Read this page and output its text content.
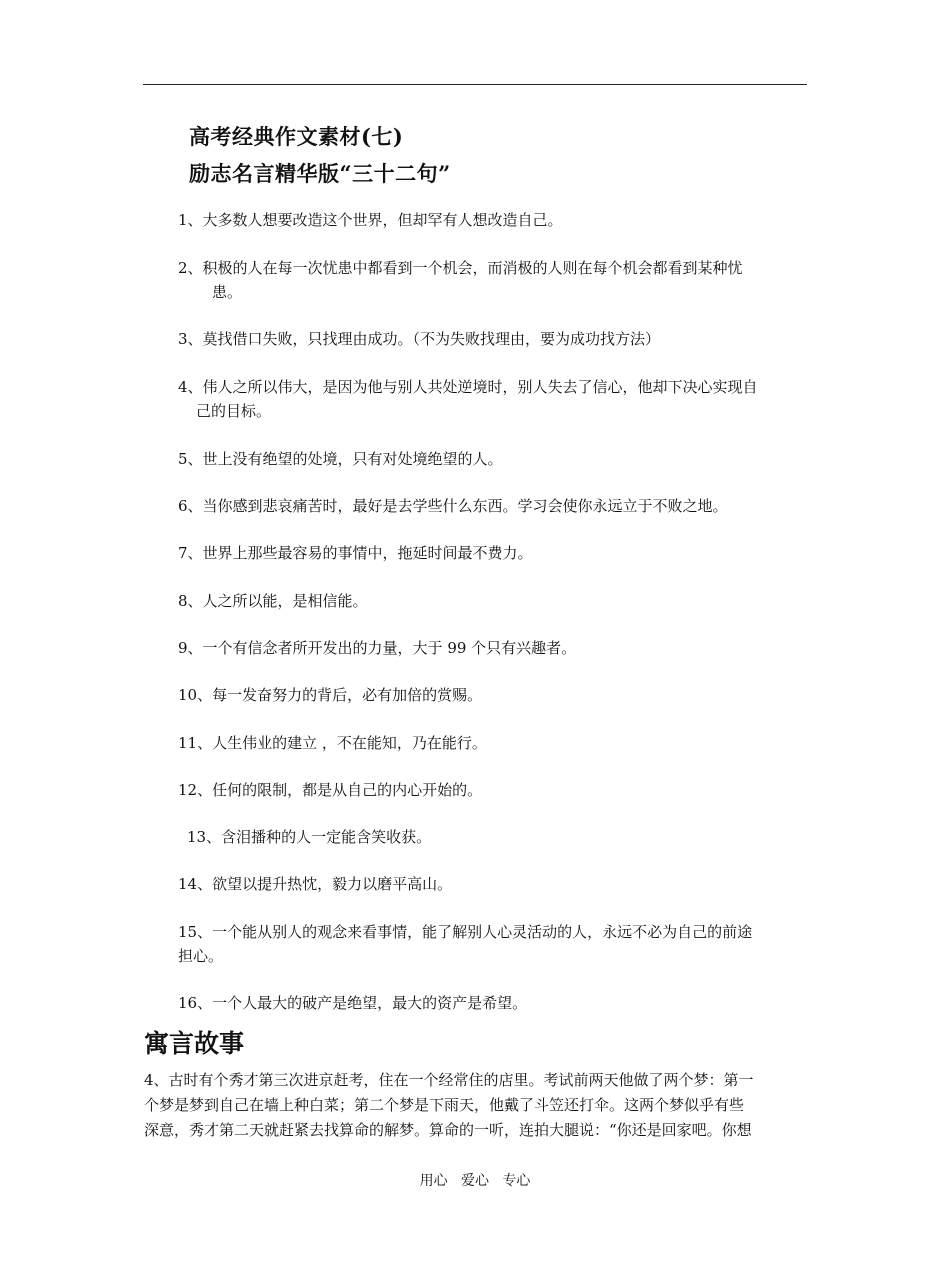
高考经典作文素材(七)
励志名言精华版“三十二句”
1、大多数人想要改造这个世界，但却罕有人想改造自己。
2、积极的人在每一次忧患中都看到一个机会，而消极的人则在每个机会都看到某种忧
患。
3、莫找借口失败，只找理由成功。（不为失败找理由，要为成功找方法）
4、伟人之所以伟大，是因为他与别人共处逆境时，别人失去了信心，他却下决心实现自
己的目标。
5、世上没有绝望的处境，只有对处境绝望的人。
6、当你感到悲哀痛苦时，最好是去学些什么东西。学习会使你永远立于不败之地。
7、世界上那些最容易的事情中，拖延时间最不费力。
8、人之所以能，是相信能。
9、一个有信念者所开发出的力量，大于 99 个只有兴趣者。
10、每一发奋努力的背后，必有加倍的赏赐。
11、人生伟业的建立 ，不在能知，乃在能行。
12、任何的限制，都是从自己的内心开始的。
13、含泪播种的人一定能含笑收获。
14、欲望以提升热忱，毅力以磨平高山。
15、一个能从别人的观念来看事情，能了解别人心灵活动的人，永远不必为自己的前途
担心。
16、一个人最大的破产是绝望，最大的资产是希望。
寓言故事
4、古时有个秀才第三次进京赶考，住在一个经常住的店里。考试前两天他做了两个梦：第一
个梦是梦到自己在墙上种白菜；第二个梦是下雨天，他戴了斗笠还打伞。这两个梦似乎有些
深意，秀才第二天就赶紧去找算命的解梦。算命的一听，连拍大腿说：“你还是回家吧。你想
用心   爱心   专心
